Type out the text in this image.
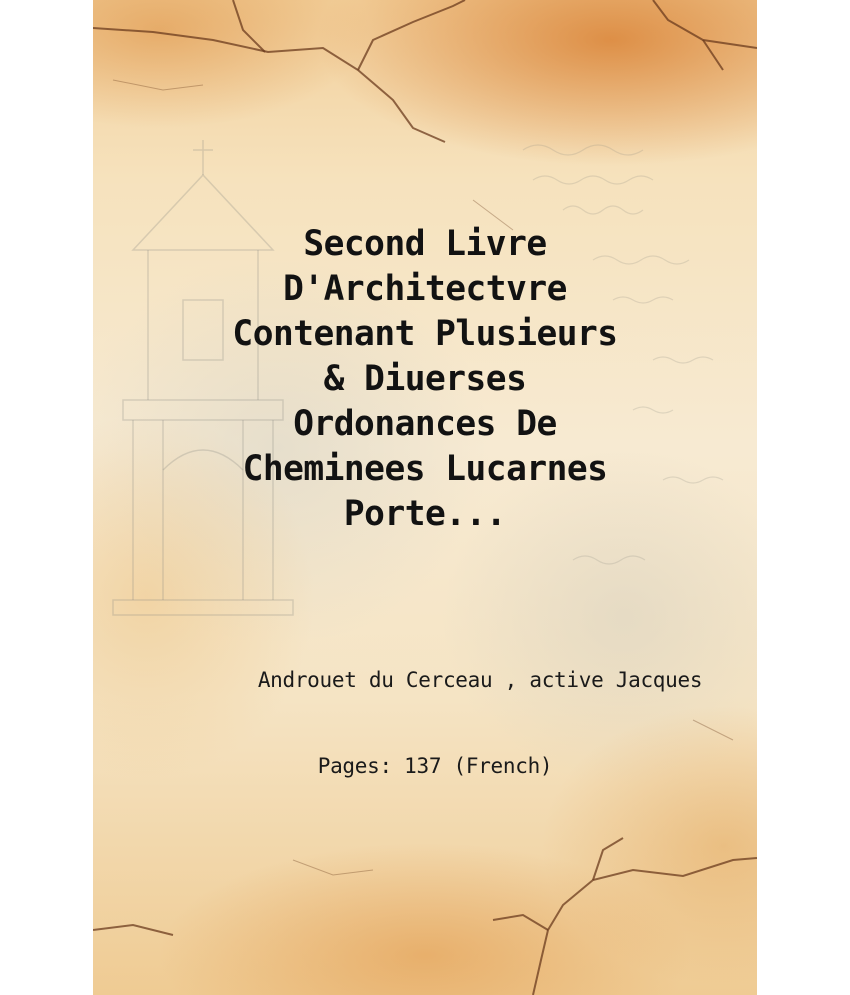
Second Livre
D'Architectvre
Contenant Plusieurs
& Diuerses
Ordonances De
Cheminees Lucarnes
Porte...
Androuet du Cerceau , active Jacques
Pages: 137 (French)
